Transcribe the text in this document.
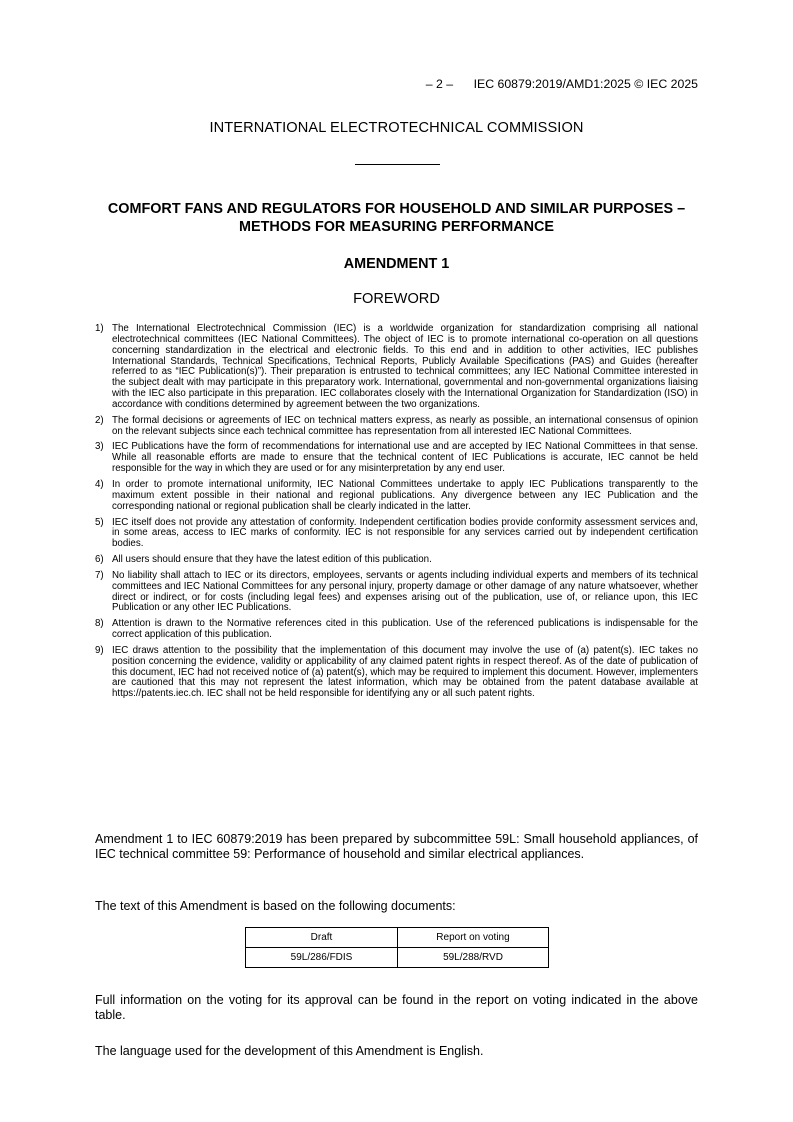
– 2 – IEC 60879:2019/AMD1:2025 © IEC 2025
INTERNATIONAL ELECTROTECHNICAL COMMISSION
COMFORT FANS AND REGULATORS FOR HOUSEHOLD AND SIMILAR PURPOSES – METHODS FOR MEASURING PERFORMANCE
AMENDMENT 1
FOREWORD
1) The International Electrotechnical Commission (IEC) is a worldwide organization for standardization comprising all national electrotechnical committees (IEC National Committees). The object of IEC is to promote international co-operation on all questions concerning standardization in the electrical and electronic fields. To this end and in addition to other activities, IEC publishes International Standards, Technical Specifications, Technical Reports, Publicly Available Specifications (PAS) and Guides (hereafter referred to as “IEC Publication(s)”). Their preparation is entrusted to technical committees; any IEC National Committee interested in the subject dealt with may participate in this preparatory work. International, governmental and non-governmental organizations liaising with the IEC also participate in this preparation. IEC collaborates closely with the International Organization for Standardization (ISO) in accordance with conditions determined by agreement between the two organizations.
2) The formal decisions or agreements of IEC on technical matters express, as nearly as possible, an international consensus of opinion on the relevant subjects since each technical committee has representation from all interested IEC National Committees.
3) IEC Publications have the form of recommendations for international use and are accepted by IEC National Committees in that sense. While all reasonable efforts are made to ensure that the technical content of IEC Publications is accurate, IEC cannot be held responsible for the way in which they are used or for any misinterpretation by any end user.
4) In order to promote international uniformity, IEC National Committees undertake to apply IEC Publications transparently to the maximum extent possible in their national and regional publications. Any divergence between any IEC Publication and the corresponding national or regional publication shall be clearly indicated in the latter.
5) IEC itself does not provide any attestation of conformity. Independent certification bodies provide conformity assessment services and, in some areas, access to IEC marks of conformity. IEC is not responsible for any services carried out by independent certification bodies.
6) All users should ensure that they have the latest edition of this publication.
7) No liability shall attach to IEC or its directors, employees, servants or agents including individual experts and members of its technical committees and IEC National Committees for any personal injury, property damage or other damage of any nature whatsoever, whether direct or indirect, or for costs (including legal fees) and expenses arising out of the publication, use of, or reliance upon, this IEC Publication or any other IEC Publications.
8) Attention is drawn to the Normative references cited in this publication. Use of the referenced publications is indispensable for the correct application of this publication.
9) IEC draws attention to the possibility that the implementation of this document may involve the use of (a) patent(s). IEC takes no position concerning the evidence, validity or applicability of any claimed patent rights in respect thereof. As of the date of publication of this document, IEC had not received notice of (a) patent(s), which may be required to implement this document. However, implementers are cautioned that this may not represent the latest information, which may be obtained from the patent database available at https://patents.iec.ch. IEC shall not be held responsible for identifying any or all such patent rights.

Amendment 1 to IEC 60879:2019 has been prepared by subcommittee 59L: Small household appliances, of IEC technical committee 59: Performance of household and similar electrical appliances.

The text of this Amendment is based on the following documents:

Draft	Report on voting
59L/286/FDIS	59L/288/RVD

Full information on the voting for its approval can be found in the report on voting indicated in the above table.

The language used for the development of this Amendment is English.
